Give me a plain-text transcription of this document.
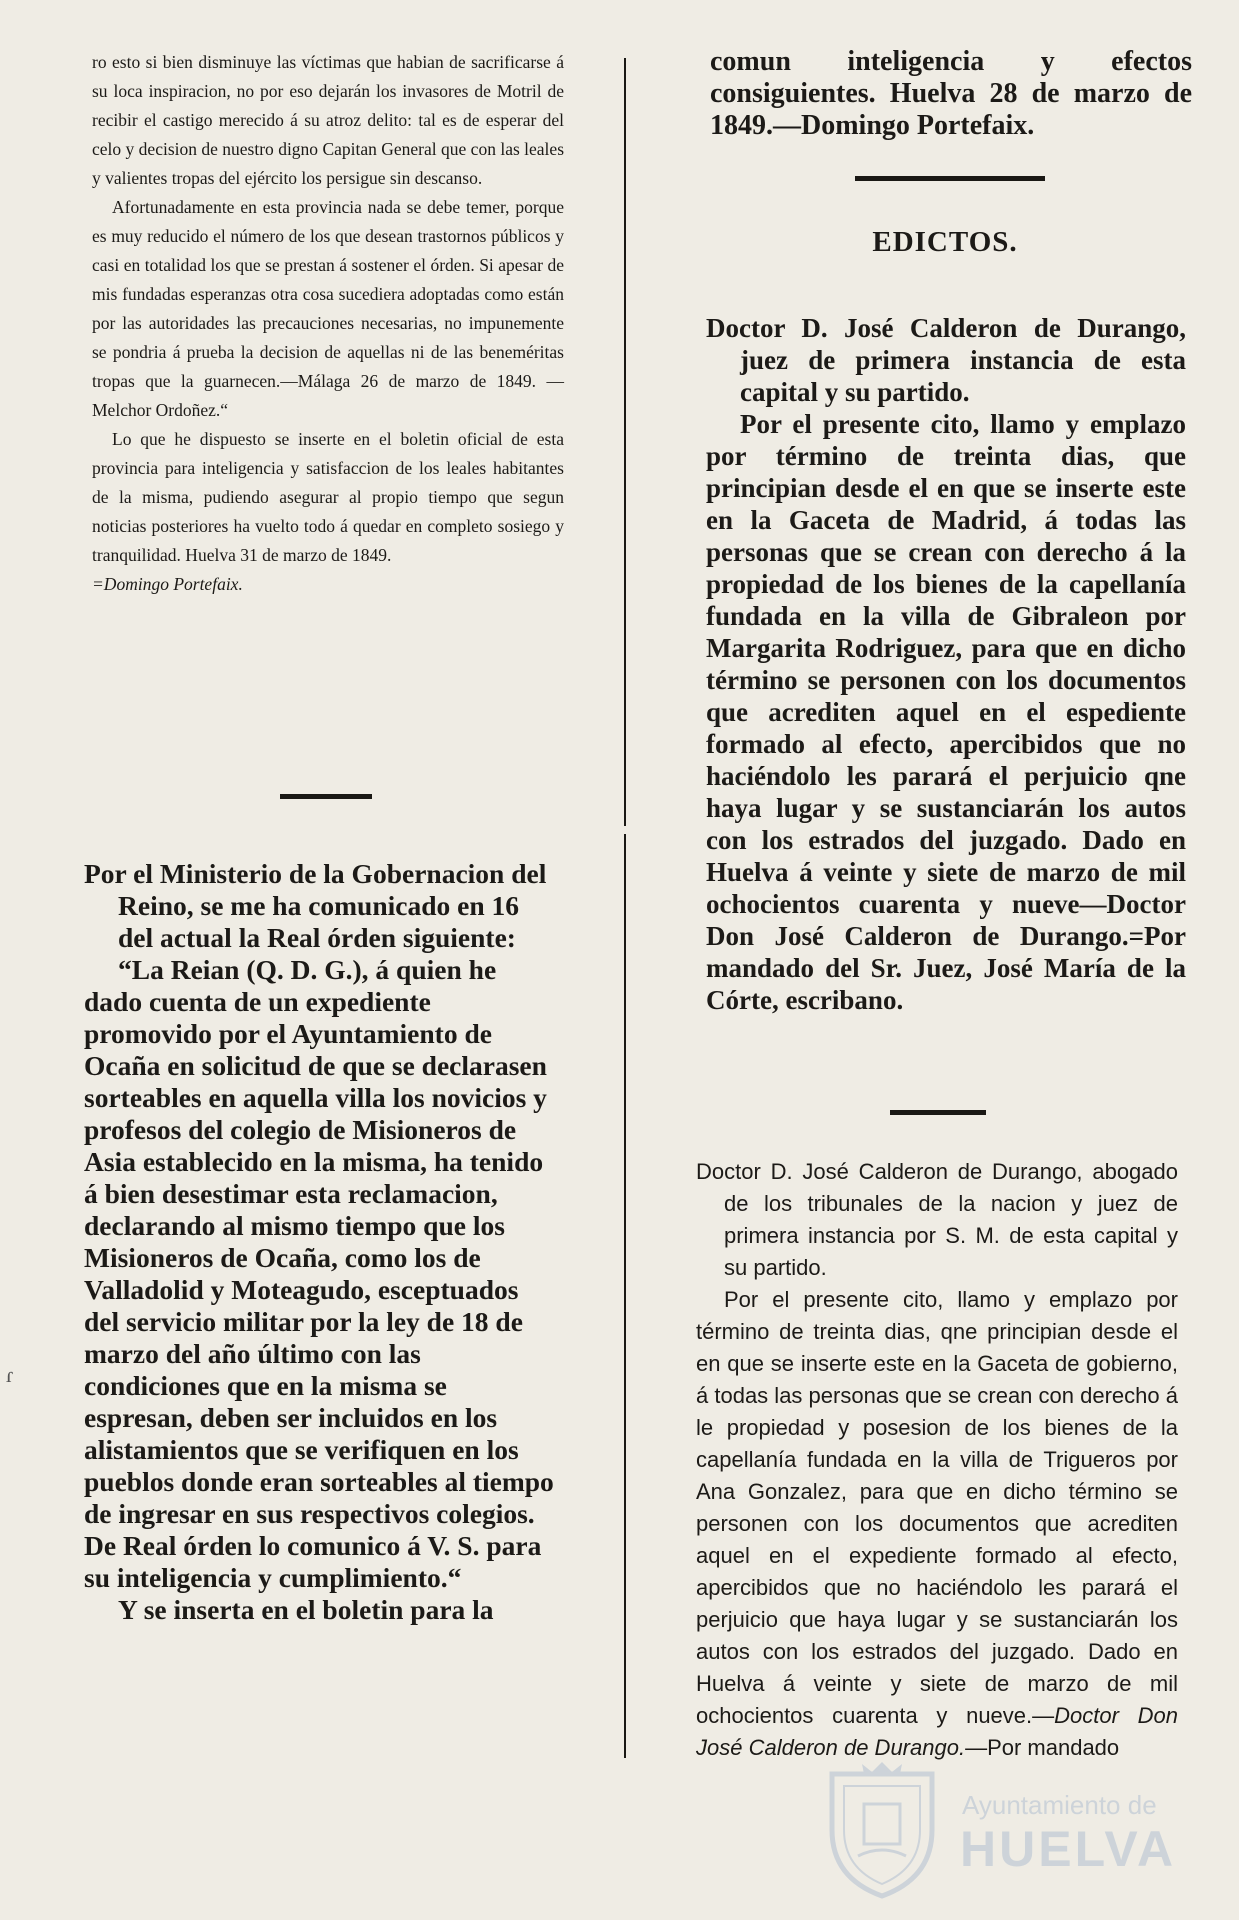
ro esto si bien disminuye las víctimas que habian de sacrificarse á su loca inspiracion, no por eso dejarán los invasores de Motril de recibir el castigo merecido á su atroz delito: tal es de esperar del celo y decision de nuestro digno Capitan General que con las leales y valientes tropas del ejército los persigue sin descanso.

Afortunadamente en esta provincia nada se debe temer, porque es muy reducido el número de los que desean trastornos públicos y casi en totalidad los que se prestan á sostener el órden. Si apesar de mis fundadas esperanzas otra cosa sucediera adoptadas como están por las autoridades las precauciones necesarias, no impunemente se pondria á prueba la decision de aquellas ni de las beneméritas tropas que la guarnecen.—Málaga 26 de marzo de 1849. —Melchor Ordoñez.“

Lo que he dispuesto se inserte en el boletin oficial de esta provincia para inteligencia y satisfaccion de los leales habitantes de la misma, pudiendo asegurar al propio tiempo que segun noticias posteriores ha vuelto todo á quedar en completo sosiego y tranquilidad. Huelva 31 de marzo de 1849.
=Domingo Portefaix.

Por el Ministerio de la Gobernacion del Reino, se me ha comunicado en 16 del actual la Real órden siguiente:

“La Reian (Q. D. G.), á quien he dado cuenta de un expediente promovido por el Ayuntamiento de Ocaña en solicitud de que se declarasen sorteables en aquella villa los novicios y profesos del colegio de Misioneros de Asia establecido en la misma, ha tenido á bien desestimar esta reclamacion, declarando al mismo tiempo que los Misioneros de Ocaña, como los de Valladolid y Moteagudo, esceptuados del servicio militar por la ley de 18 de marzo del año último con las condiciones que en la misma se espresan, deben ser incluidos en los alistamientos que se verifiquen en los pueblos donde eran sorteables al tiempo de ingresar en sus respectivos colegios. De Real órden lo comunico á V. S. para su inteligencia y cumplimiento.“

Y se inserta en el boletin para la

comun inteligencia y efectos consiguientes. Huelva 28 de marzo de 1849.—Domingo Portefaix.
EDICTOS.

Doctor D. José Calderon de Durango, juez de primera instancia de esta capital y su partido.

Por el presente cito, llamo y emplazo por término de treinta dias, que principian desde el en que se inserte este en la Gaceta de Madrid, á todas las personas que se crean con derecho á la propiedad de los bienes de la capellanía fundada en la villa de Gibraleon por Margarita Rodriguez, para que en dicho término se personen con los documentos que acrediten aquel en el espediente formado al efecto, apercibidos que no haciéndolo les parará el perjuicio qne haya lugar y se sustanciarán los autos con los estrados del juzgado. Dado en Huelva á veinte y siete de marzo de mil ochocientos cuarenta y nueve—Doctor Don José Calderon de Durango.=Por mandado del Sr. Juez, José María de la Córte, escribano.

Doctor D. José Calderon de Durango, abogado de los tribunales de la nacion y juez de primera instancia por S. M. de esta capital y su partido.

Por el presente cito, llamo y emplazo por término de treinta dias, qne principian desde el en que se inserte este en la Gaceta de gobierno, á todas las personas que se crean con derecho á le propiedad y posesion de los bienes de la capellanía fundada en la villa de Trigueros por Ana Gonzalez, para que en dicho término se personen con los documentos que acrediten aquel en el expediente formado al efecto, apercibidos que no haciéndolo les parará el perjuicio que haya lugar y se sustanciarán los autos con los estrados del juzgado. Dado en Huelva á veinte y siete de marzo de mil ochocientos cuarenta y nueve.—Doctor Don José Calderon de Durango.—Por mandado

ɾ
Ayuntamiento de
HUELVA
